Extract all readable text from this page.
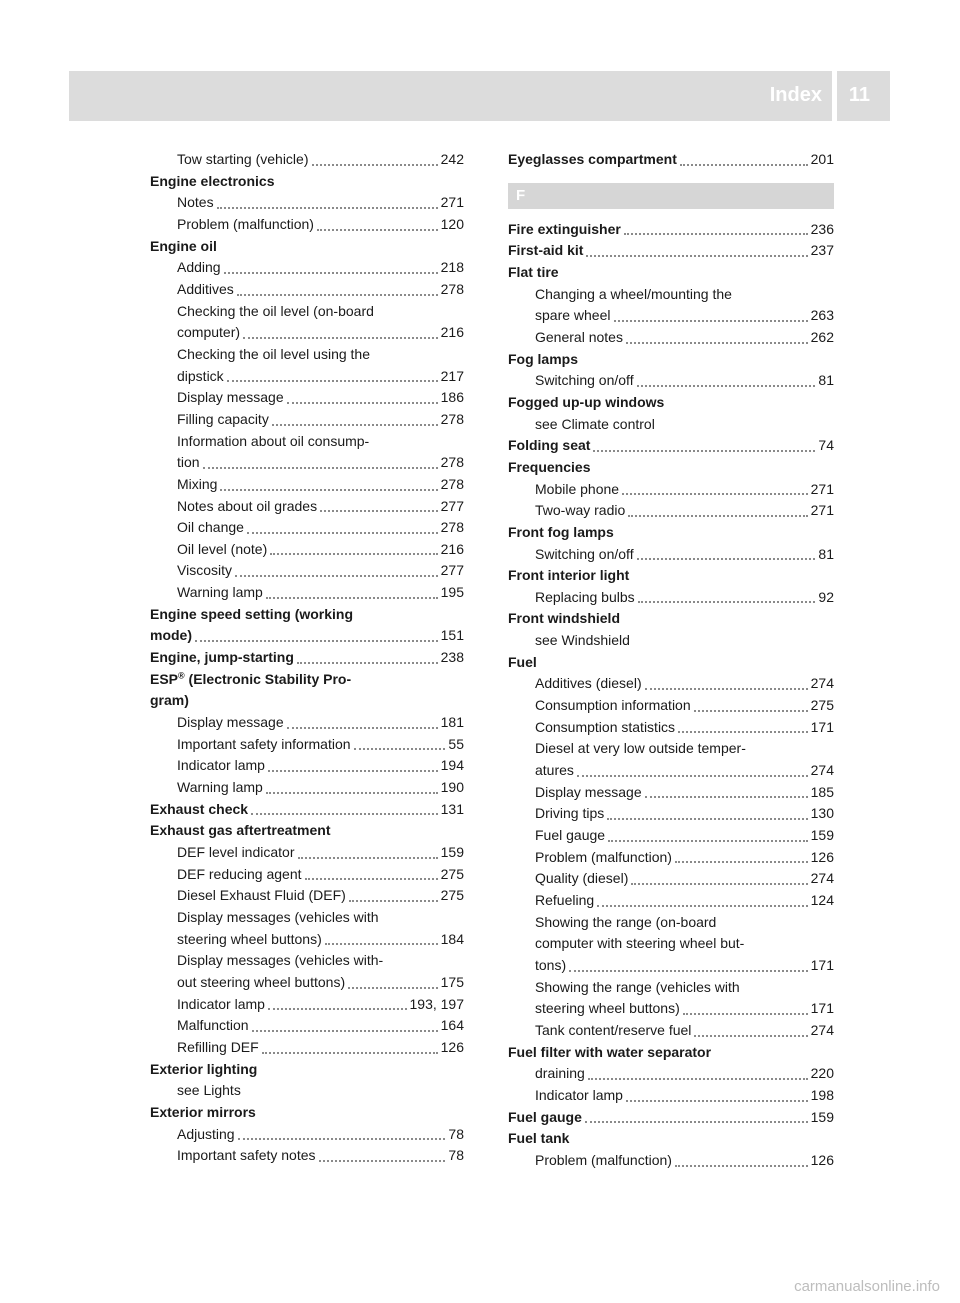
Index 11
Tow starting (vehicle)	242
Engine electronics
Notes	271
Problem (malfunction)	120
Engine oil
Adding	218
Additives	278
Checking the oil level (on-board
computer)	216
Checking the oil level using the
dipstick	217
Display message	186
Filling capacity	278
Information about oil consump-
tion	278
Mixing	278
Notes about oil grades	277
Oil change	278
Oil level (note)	216
Viscosity	277
Warning lamp	195
Engine speed setting (working
mode)	151
Engine, jump-starting	238
ESP® (Electronic Stability Pro-
gram)
Display message	181
Important safety information	55
Indicator lamp	194
Warning lamp	190
Exhaust check	131
Exhaust gas aftertreatment
DEF level indicator	159
DEF reducing agent	275
Diesel Exhaust Fluid (DEF)	275
Display messages (vehicles with
steering wheel buttons)	184
Display messages (vehicles with-
out steering wheel buttons)	175
Indicator lamp	193, 197
Malfunction	164
Refilling DEF	126
Exterior lighting
see Lights
Exterior mirrors
Adjusting	78
Important safety notes	78
Eyeglasses compartment	201
F
Fire extinguisher	236
First-aid kit	237
Flat tire
Changing a wheel/mounting the
spare wheel	263
General notes	262
Fog lamps
Switching on/off	81
Fogged up-up windows
see Climate control
Folding seat	74
Frequencies
Mobile phone	271
Two-way radio	271
Front fog lamps
Switching on/off	81
Front interior light
Replacing bulbs	92
Front windshield
see Windshield
Fuel
Additives (diesel)	274
Consumption information	275
Consumption statistics	171
Diesel at very low outside temper-
atures	274
Display message	185
Driving tips	130
Fuel gauge	159
Problem (malfunction)	126
Quality (diesel)	274
Refueling	124
Showing the range (on-board
computer with steering wheel but-
tons)	171
Showing the range (vehicles with
steering wheel buttons)	171
Tank content/reserve fuel	274
Fuel filter with water separator
draining	220
Indicator lamp	198
Fuel gauge	159
Fuel tank
Problem (malfunction)	126
carmanualsonline.info
